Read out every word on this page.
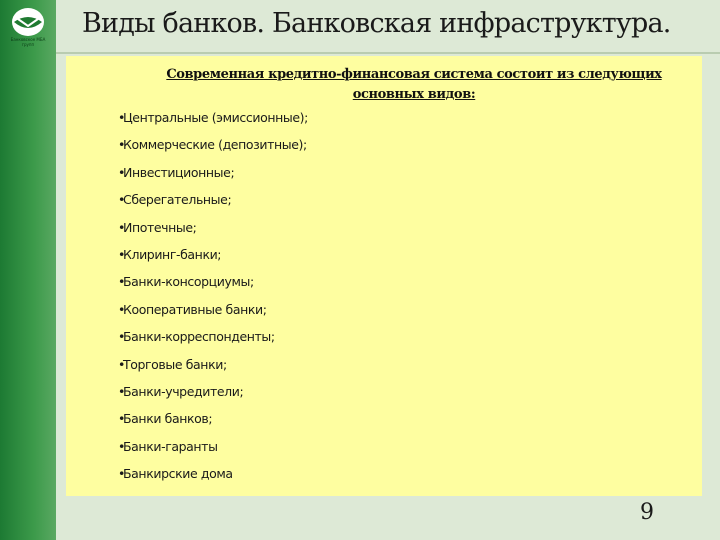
Банковское МБА групп
Виды банков. Банковская инфраструктура.

Современная кредитно-финансовая система состоит из следующих основных видов:

•Центральные (эмиссионные);
•Коммерческие (депозитные);
•Инвестиционные;
•Сберегательные;
•Ипотечные;
•Клиринг-банки;
•Банки-консорциумы;
•Кооперативные банки;
•Банки-корреспонденты;
•Торговые банки;
•Банки-учредители;
•Банки банков;
•Банки-гаранты
•Банкирские дома
9
